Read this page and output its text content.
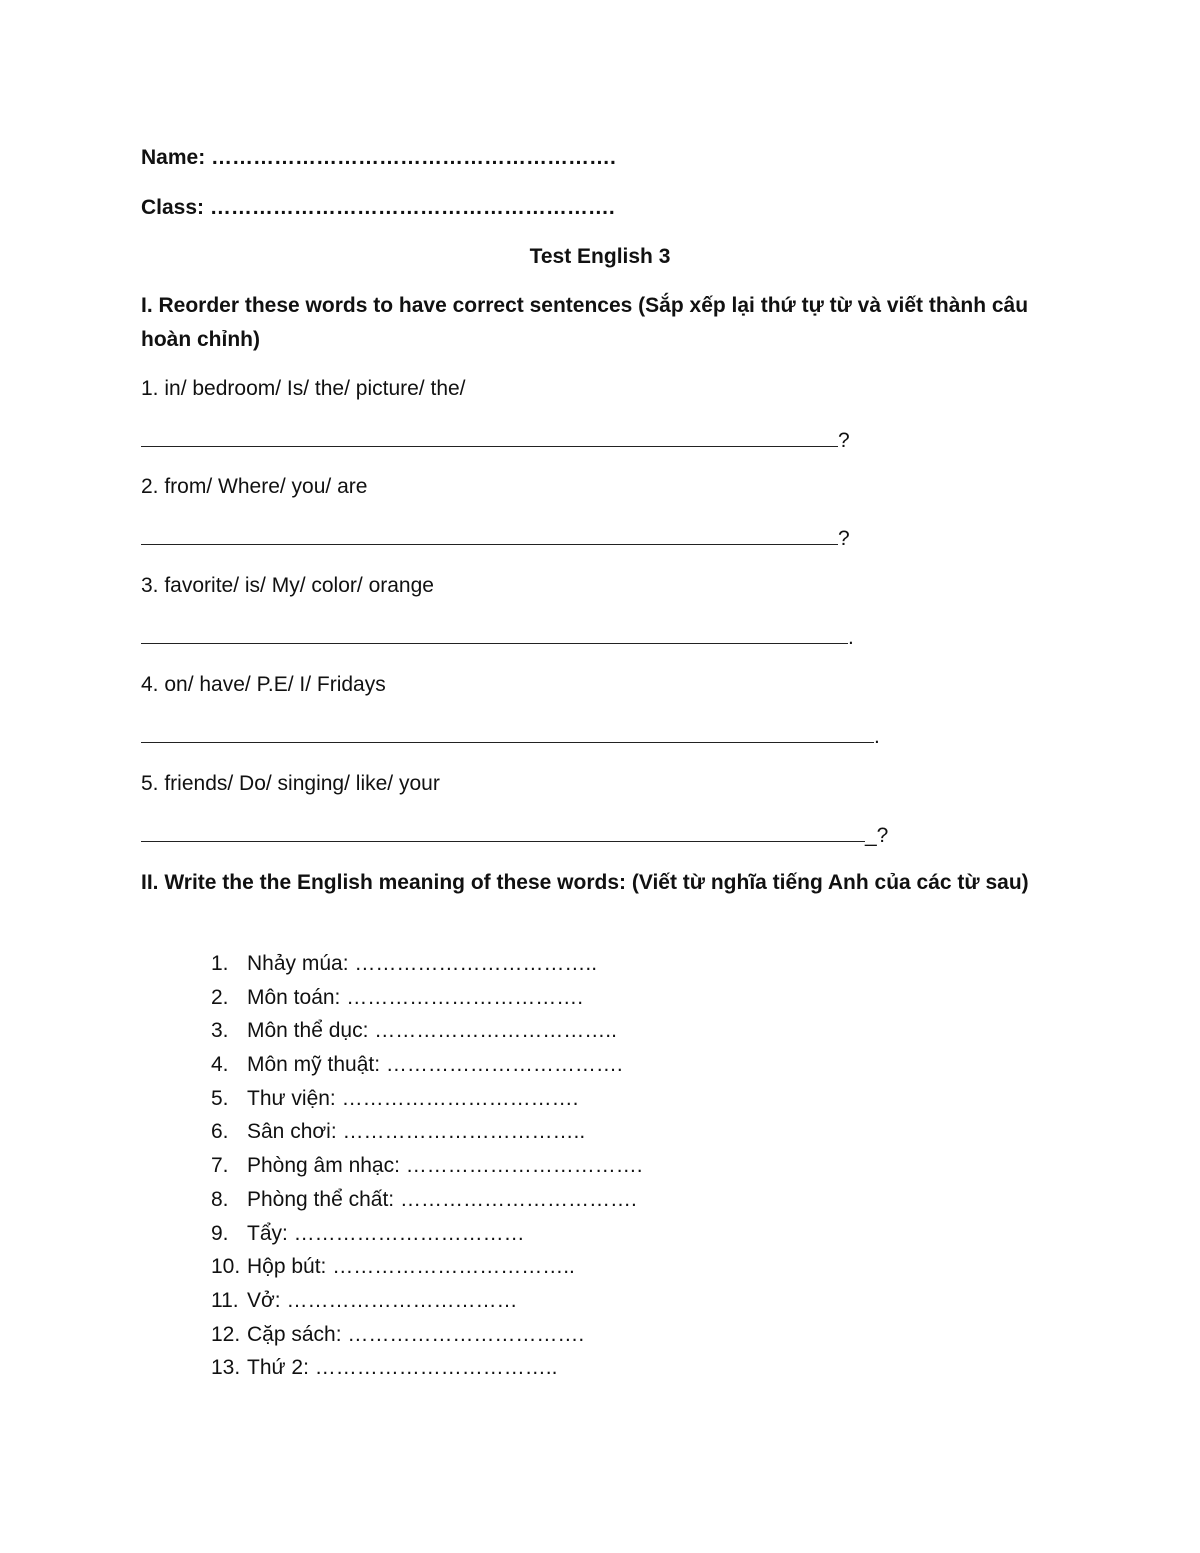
Name: ………………………………………………….
Class: ………………………………………………….
Test English 3
I. Reorder these words to have correct sentences (Sắp xếp lại thứ tự từ và viết thành câu hoàn chỉnh)
1. in/ bedroom/ Is/ the/ picture/ the/
?
2. from/ Where/ you/ are
?
3. favorite/ is/ My/ color/ orange
.
4. on/ have/ P.E/ I/ Fridays
.
5. friends/ Do/ singing/ like/ your
_?
II. Write the the English meaning of these words: (Viết từ nghĩa tiếng Anh của các từ sau)
1. Nhảy múa: ……………………………..
2. Môn toán: …………………………….
3. Môn thể dục: ……………………………..
4. Môn mỹ thuật: …………………………….
5. Thư viện: …………………………….
6. Sân chơi: ……………………………..
7. Phòng âm nhạc: …………………………….
8. Phòng thể chất: …………………………….
9. Tẩy: ……………………………
10. Hộp bút: ……………………………..
11. Vở: ……………………………
12. Cặp sách: …………………………….
13. Thứ 2: ……………………………..
